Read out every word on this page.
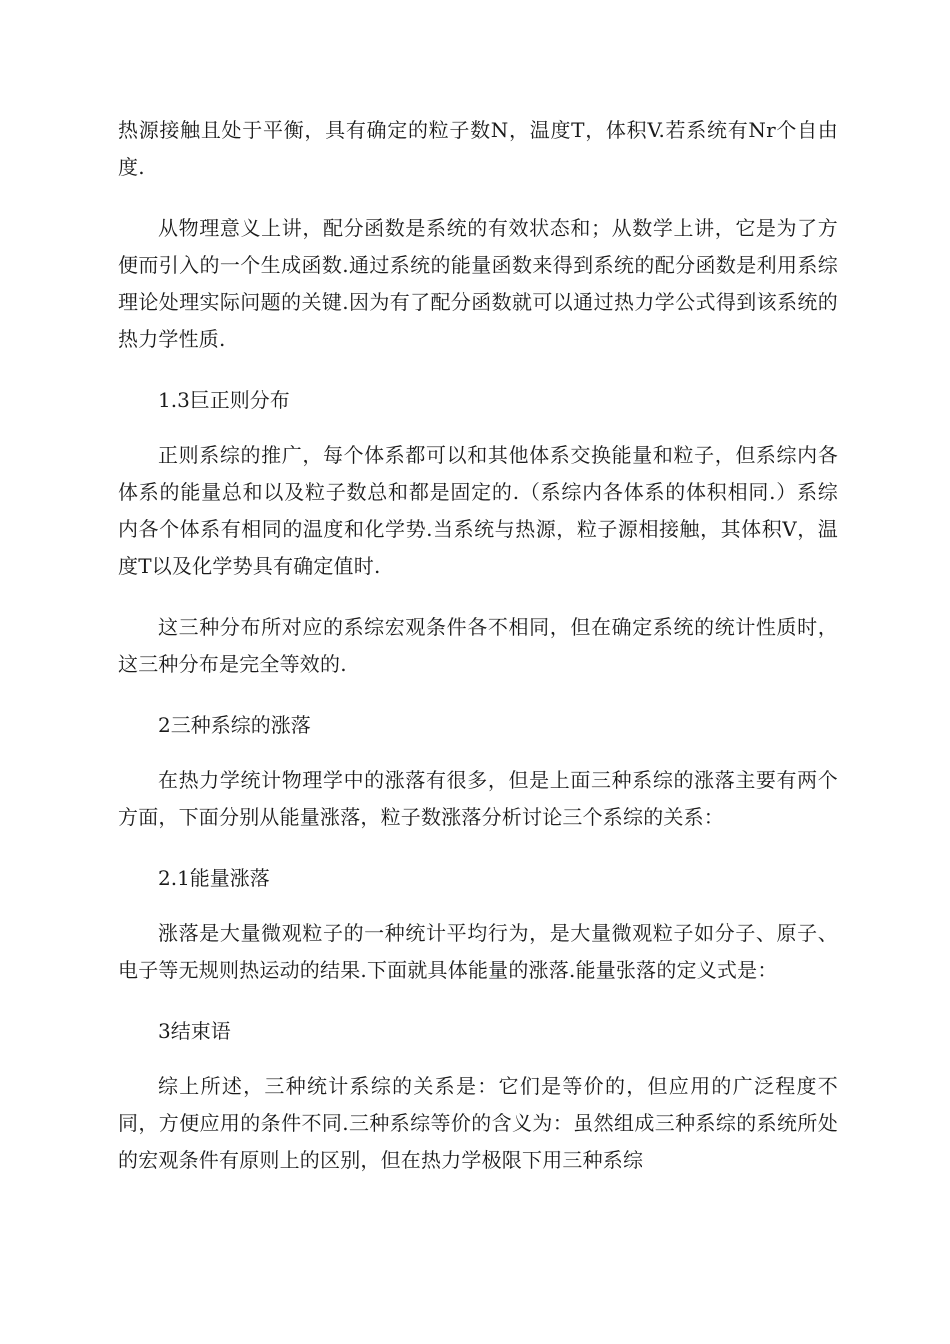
热源接触且处于平衡，具有确定的粒子数N，温度T，体积V.若系统有Nr个自由度.

从物理意义上讲，配分函数是系统的有效状态和；从数学上讲，它是为了方便而引入的一个生成函数.通过系统的能量函数来得到系统的配分函数是利用系综理论处理实际问题的关键.因为有了配分函数就可以通过热力学公式得到该系统的热力学性质.

1.3巨正则分布

正则系综的推广，每个体系都可以和其他体系交换能量和粒子，但系综内各体系的能量总和以及粒子数总和都是固定的.（系综内各体系的体积相同.）系综内各个体系有相同的温度和化学势.当系统与热源，粒子源相接触，其体积V，温度T以及化学势具有确定值时.

这三种分布所对应的系综宏观条件各不相同，但在确定系统的统计性质时，这三种分布是完全等效的.

2三种系综的涨落

在热力学统计物理学中的涨落有很多，但是上面三种系综的涨落主要有两个方面，下面分别从能量涨落，粒子数涨落分析讨论三个系综的关系：

2.1能量涨落

涨落是大量微观粒子的一种统计平均行为，是大量微观粒子如分子、原子、电子等无规则热运动的结果.下面就具体能量的涨落.能量张落的定义式是：

3结束语

综上所述，三种统计系综的关系是：它们是等价的，但应用的广泛程度不同，方便应用的条件不同.三种系综等价的含义为：虽然组成三种系综的系统所处的宏观条件有原则上的区别，但在热力学极限下用三种系综
